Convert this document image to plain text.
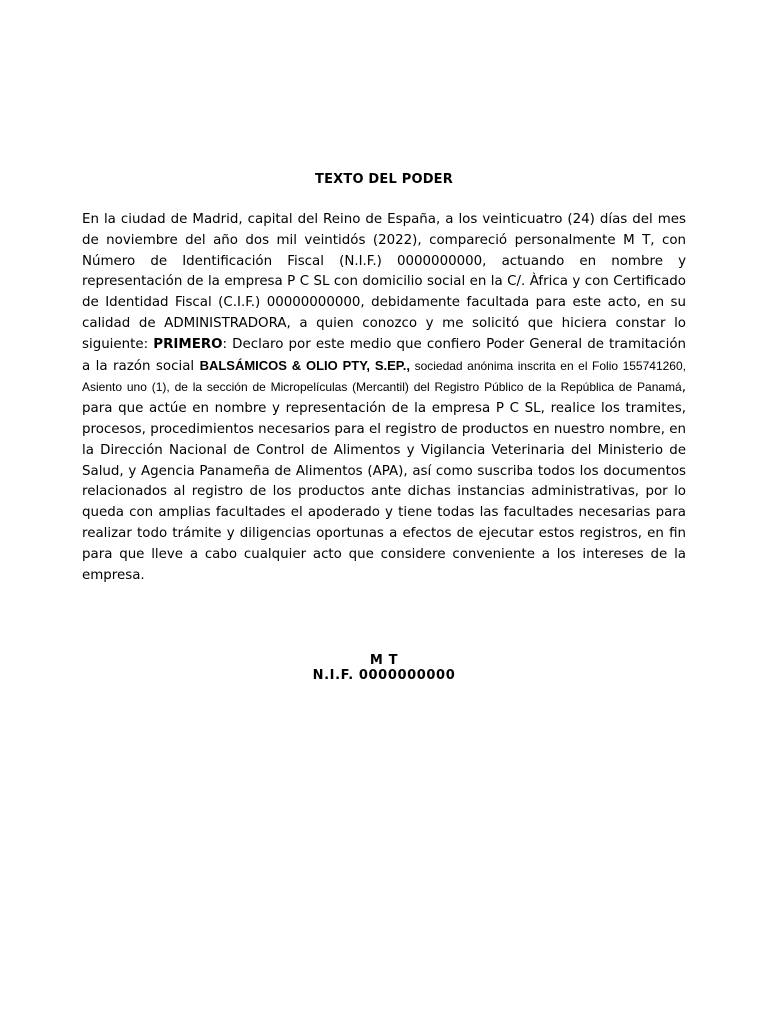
TEXTO DEL PODER
En la ciudad de Madrid, capital del Reino de España, a los veinticuatro (24) días del mes de noviembre del año dos mil veintidós (2022), compareció personalmente M T, con Número de Identificación Fiscal (N.I.F.) 0000000000, actuando en nombre y representación de la empresa P C SL con domicilio social en la C/. Àfrica y con Certificado de Identidad Fiscal (C.I.F.) 00000000000, debidamente facultada para este acto, en su calidad de ADMINISTRADORA, a quien conozco y me solicitó que hiciera constar lo siguiente: PRIMERO: Declaro por este medio que confiero Poder General de tramitación a la razón social BALSÁMICOS & OLIO PTY, S.EP., sociedad anónima inscrita en el Folio 155741260, Asiento uno (1), de la sección de Micropelículas (Mercantil) del Registro Público de la República de Panamá, para que actúe en nombre y representación de la empresa P C SL, realice los tramites, procesos, procedimientos necesarios para el registro de productos en nuestro nombre, en la Dirección Nacional de Control de Alimentos y Vigilancia Veterinaria del Ministerio de Salud, y Agencia Panameña de Alimentos (APA), así como suscriba todos los documentos relacionados al registro de los productos ante dichas instancias administrativas, por lo queda con amplias facultades el apoderado y tiene todas las facultades necesarias para realizar todo trámite y diligencias oportunas a efectos de ejecutar estos registros, en fin para que lleve a cabo cualquier acto que considere conveniente a los intereses de la empresa.
M T
N.I.F. 0000000000
